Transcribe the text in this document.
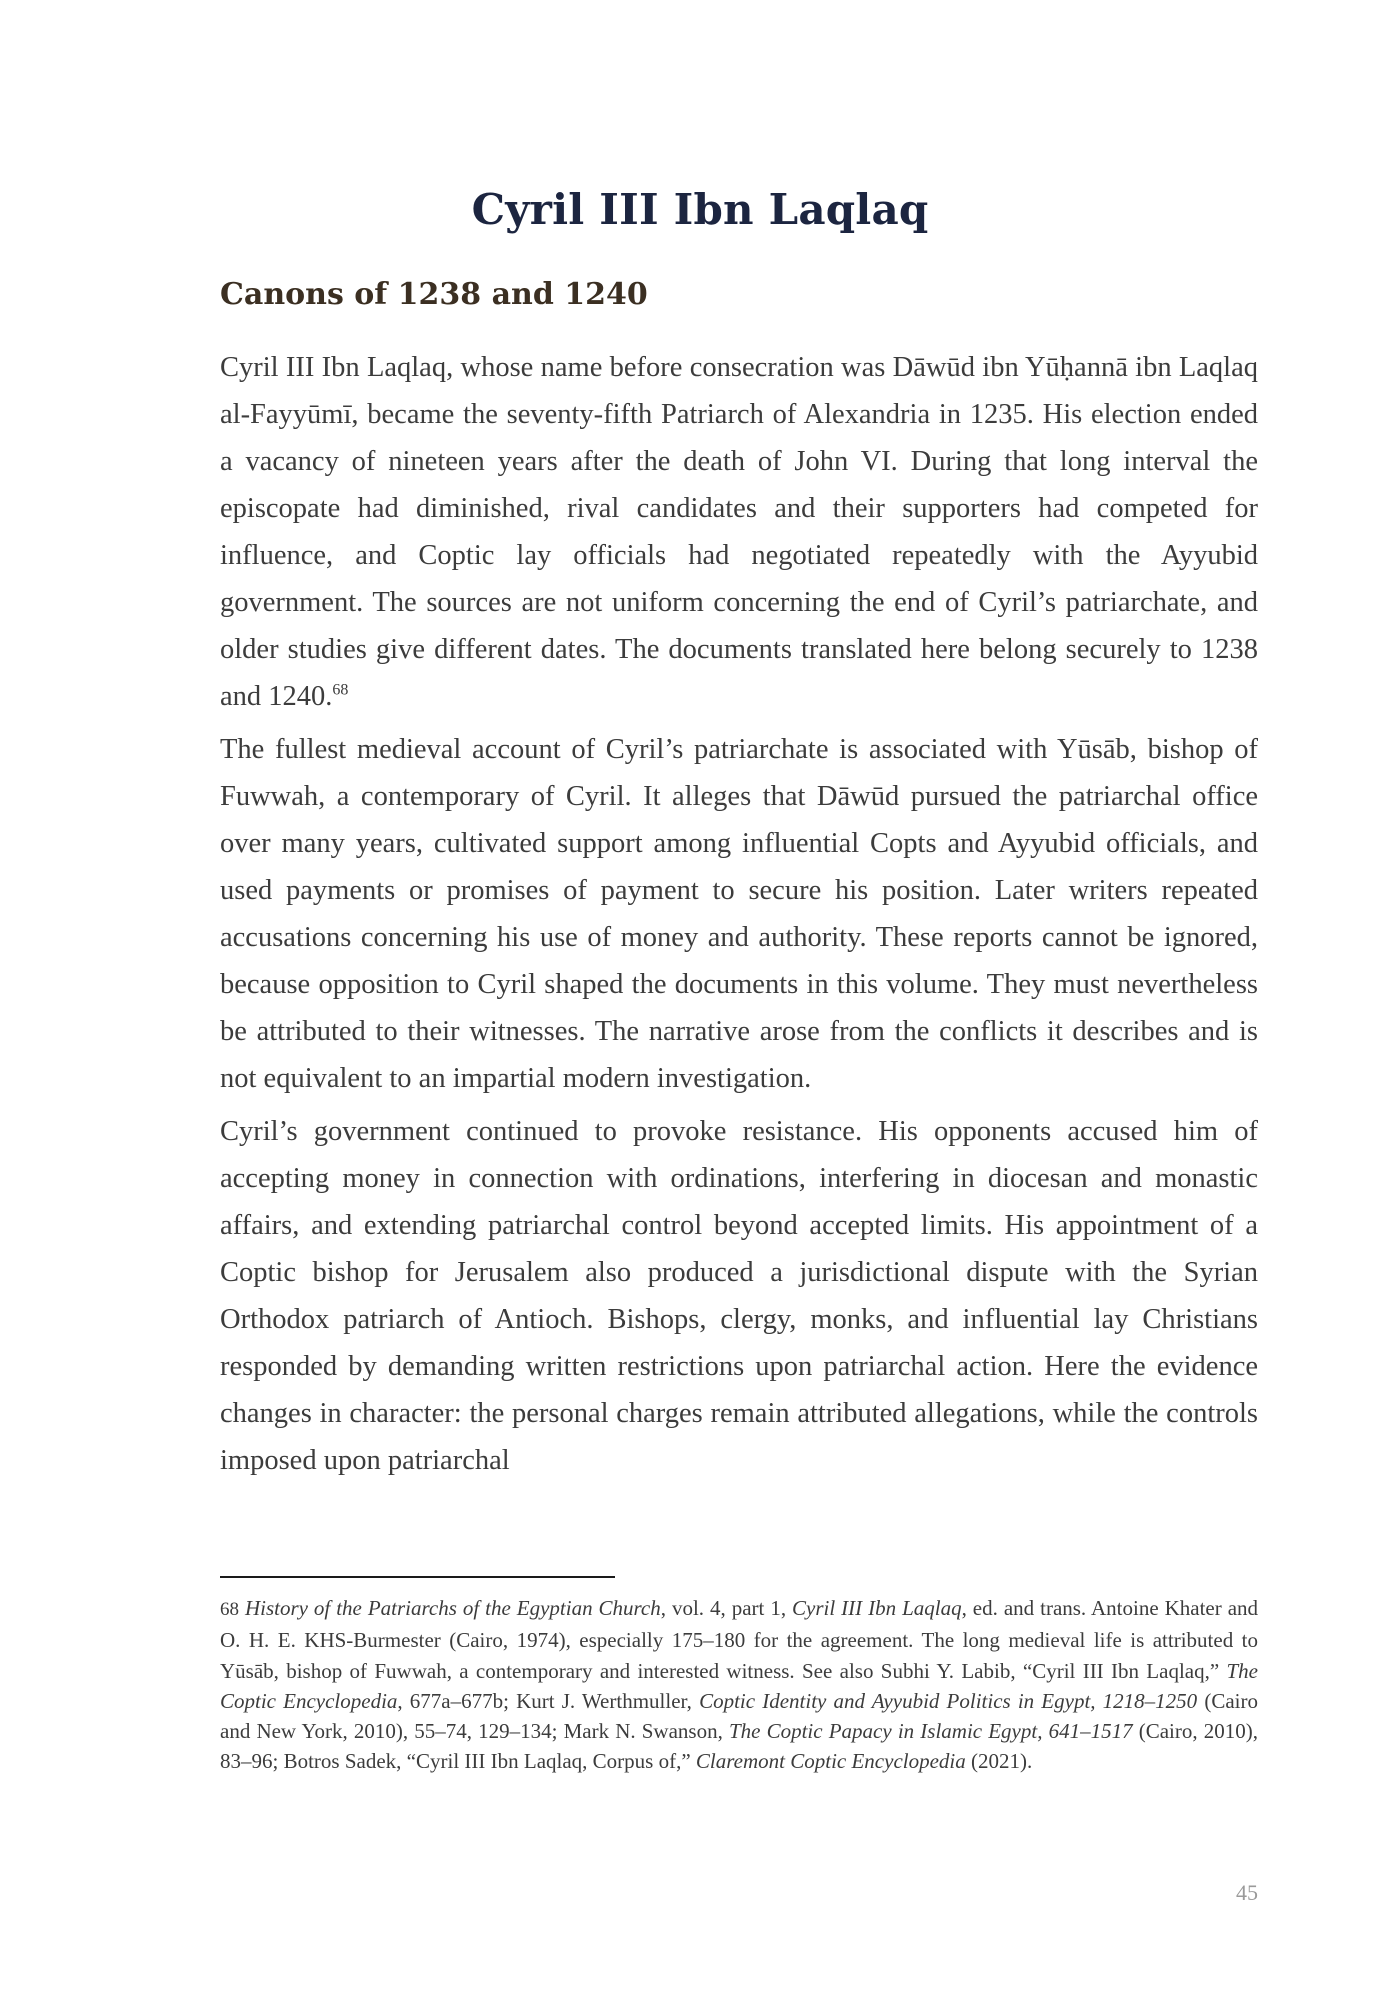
Cyril III Ibn Laqlaq
Canons of 1238 and 1240

Cyril III Ibn Laqlaq, whose name before consecration was Dāwūd ibn Yūḥannā ibn Laqlaq al-Fayyūmī, became the seventy-fifth Patriarch of Alexandria in 1235. His election ended a vacancy of nineteen years after the death of John VI. During that long interval the episcopate had diminished, rival candidates and their supporters had competed for influence, and Coptic lay officials had negotiated repeatedly with the Ayyubid government. The sources are not uniform concerning the end of Cyril’s patriarchate, and older studies give different dates. The documents translated here belong securely to 1238 and 1240.68

The fullest medieval account of Cyril’s patriarchate is associated with Yūsāb, bishop of Fuwwah, a contemporary of Cyril. It alleges that Dāwūd pursued the patriarchal office over many years, cultivated support among influential Copts and Ayyubid officials, and used payments or promises of payment to secure his position. Later writers repeated accusations concerning his use of money and authority. These reports cannot be ignored, because opposition to Cyril shaped the documents in this volume. They must nevertheless be attributed to their witnesses. The narrative arose from the conflicts it describes and is not equivalent to an impartial modern investigation.

Cyril’s government continued to provoke resistance. His opponents accused him of accepting money in connection with ordinations, interfering in diocesan and monastic affairs, and extending patriarchal control beyond accepted limits. His appointment of a Coptic bishop for Jerusalem also produced a jurisdictional dispute with the Syrian Orthodox patriarch of Antioch. Bishops, clergy, monks, and influential lay Christians responded by demanding written restrictions upon patriarchal action. Here the evidence changes in character: the personal charges remain attributed allegations, while the controls imposed upon patriarchal

68 History of the Patriarchs of the Egyptian Church, vol. 4, part 1, Cyril III Ibn Laqlaq, ed. and trans. Antoine Khater and O. H. E. KHS-Burmester (Cairo, 1974), especially 175–180 for the agreement. The long medieval life is attributed to Yūsāb, bishop of Fuwwah, a contemporary and interested witness. See also Subhi Y. Labib, “Cyril III Ibn Laqlaq,” The Coptic Encyclopedia, 677a–677b; Kurt J. Werthmuller, Coptic Identity and Ayyubid Politics in Egypt, 1218–1250 (Cairo and New York, 2010), 55–74, 129–134; Mark N. Swanson, The Coptic Papacy in Islamic Egypt, 641–1517 (Cairo, 2010), 83–96; Botros Sadek, “Cyril III Ibn Laqlaq, Corpus of,” Claremont Coptic Encyclopedia (2021).

45
